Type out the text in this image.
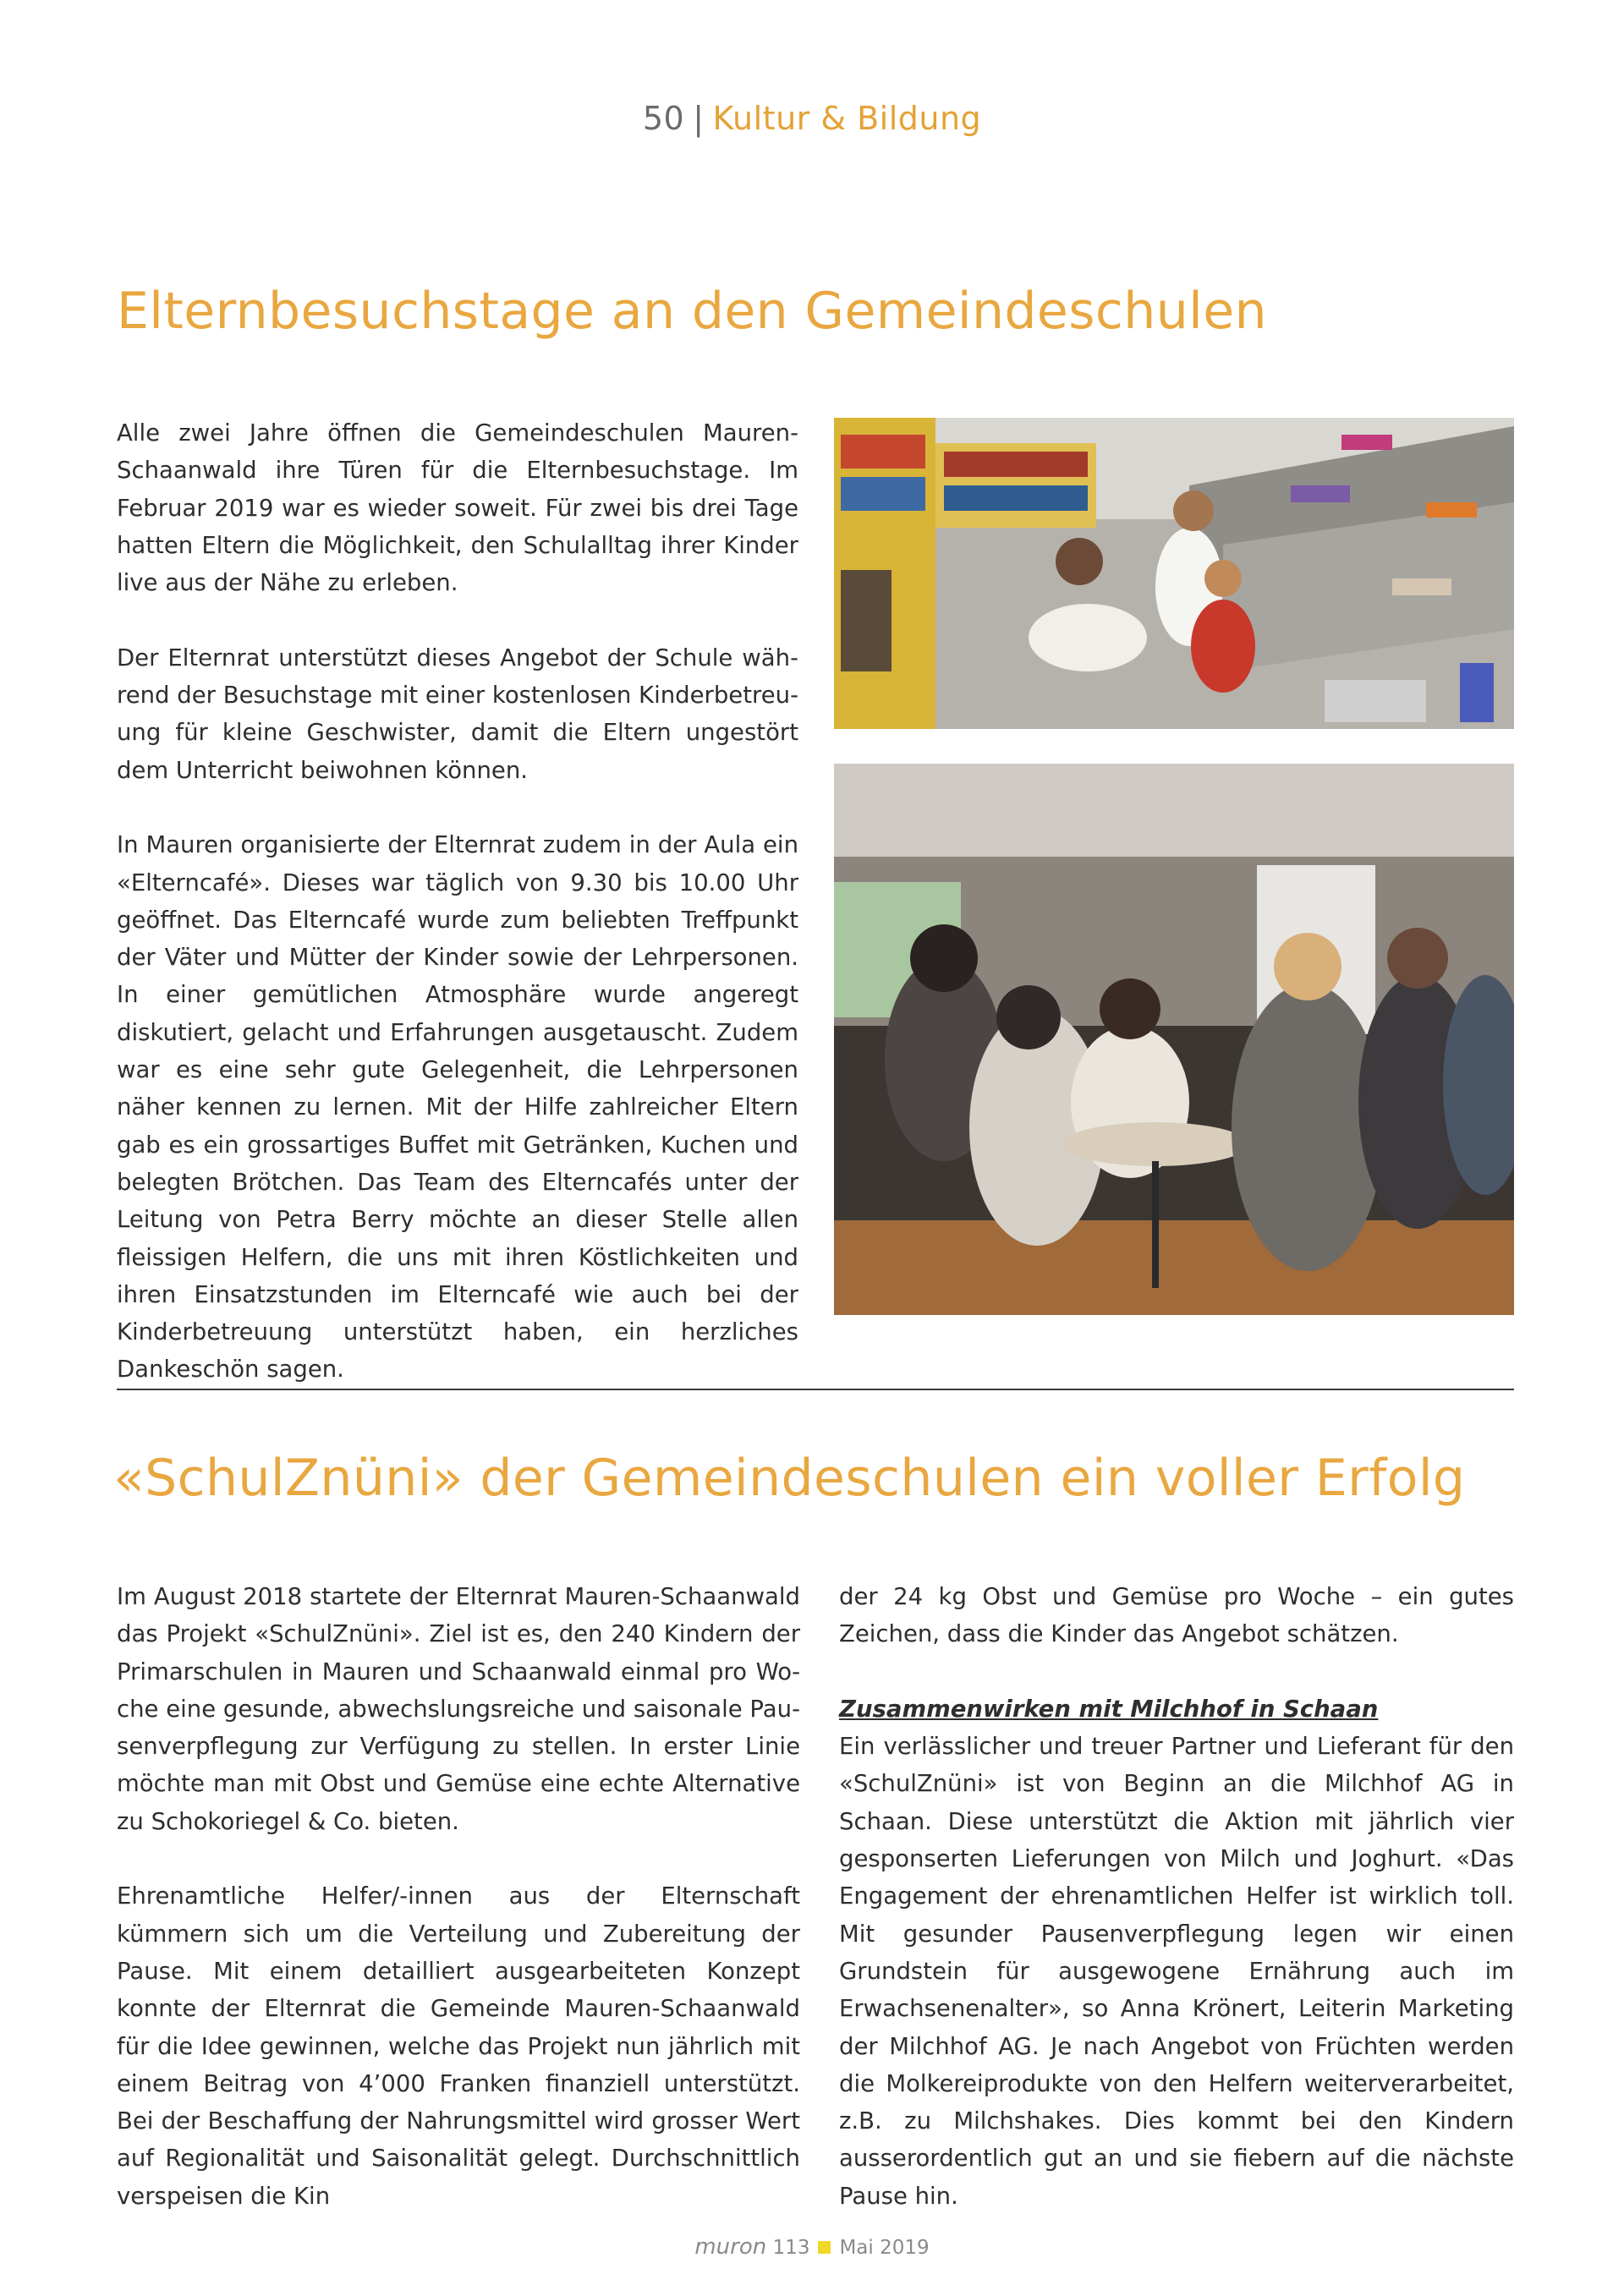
50 | Kultur & Bildung
Elternbesuchstage an den Gemeindeschulen

Alle zwei Jahre öffnen die Gemeindeschulen Mauren-Schaanwald ihre Türen für die Elternbesuchstage. Im Februar 2019 war es wieder soweit. Für zwei bis drei Tage hatten Eltern die Möglichkeit, den Schulalltag ihrer Kinder live aus der Nähe zu erleben.

Der Elternrat unterstützt dieses Angebot der Schule während der Besuchstage mit einer kostenlosen Kinderbetreuung für kleine Geschwister, damit die Eltern ungestört dem Unterricht beiwohnen können.

In Mauren organisierte der Elternrat zudem in der Aula ein «Elterncafé». Dieses war täglich von 9.30 bis 10.00 Uhr geöffnet. Das Elterncafé wurde zum beliebten Treffpunkt der Väter und Mütter der Kinder sowie der Lehrpersonen. In einer gemütlichen Atmosphäre wurde angeregt diskutiert, gelacht und Erfahrungen ausgetauscht. Zudem war es eine sehr gute Gelegenheit, die Lehrpersonen näher kennen zu lernen. Mit der Hilfe zahlreicher Eltern gab es ein grossartiges Buffet mit Getränken, Kuchen und belegten Brötchen. Das Team des Elterncafés unter der Leitung von Petra Berry möchte an dieser Stelle allen fleissigen Helfern, die uns mit ihren Köstlichkeiten und ihren Einsatzstunden im Elterncafé wie auch bei der Kinderbetreuung unterstützt haben, ein herzliches Dankeschön sagen.

«SchulZnüni» der Gemeindeschulen ein voller Erfolg

Im August 2018 startete der Elternrat Mauren-Schaanwald das Projekt «SchulZnüni». Ziel ist es, den 240 Kindern der Primarschulen in Mauren und Schaanwald einmal pro Woche eine gesunde, abwechslungsreiche und saisonale Pausenverpflegung zur Verfügung zu stellen. In erster Linie möchte man mit Obst und Gemüse eine echte Alternative zu Schokoriegel & Co. bieten.

Ehrenamtliche Helfer/-innen aus der Elternschaft kümmern sich um die Verteilung und Zubereitung der Pause. Mit einem detailliert ausgearbeiteten Konzept konnte der Elternrat die Gemeinde Mauren-Schaanwald für die Idee gewinnen, welche das Projekt nun jährlich mit einem Beitrag von 4’000 Franken finanziell unterstützt. Bei der Beschaffung der Nahrungsmittel wird grosser Wert auf Regionalität und Saisonalität gelegt. Durchschnittlich verspeisen die Kin

der 24 kg Obst und Gemüse pro Woche – ein gutes Zeichen, dass die Kinder das Angebot schätzen.

Zusammenwirken mit Milchhof in Schaan

Ein verlässlicher und treuer Partner und Lieferant für den «SchulZnüni» ist von Beginn an die Milchhof AG in Schaan. Diese unterstützt die Aktion mit jährlich vier gesponserten Lieferungen von Milch und Joghurt. «Das Engagement der ehrenamtlichen Helfer ist wirklich toll. Mit gesunder Pausenverpflegung legen wir einen Grundstein für ausgewogene Ernährung auch im Erwachsenenalter», so Anna Krönert, Leiterin Marketing der Milchhof AG. Je nach Angebot von Früchten werden die Molkereiprodukte von den Helfern weiterverarbeitet, z.B. zu Milchshakes. Dies kommt bei den Kindern ausserordentlich gut an und sie fiebern auf die nächste Pause hin.

muron 113 Mai 2019
